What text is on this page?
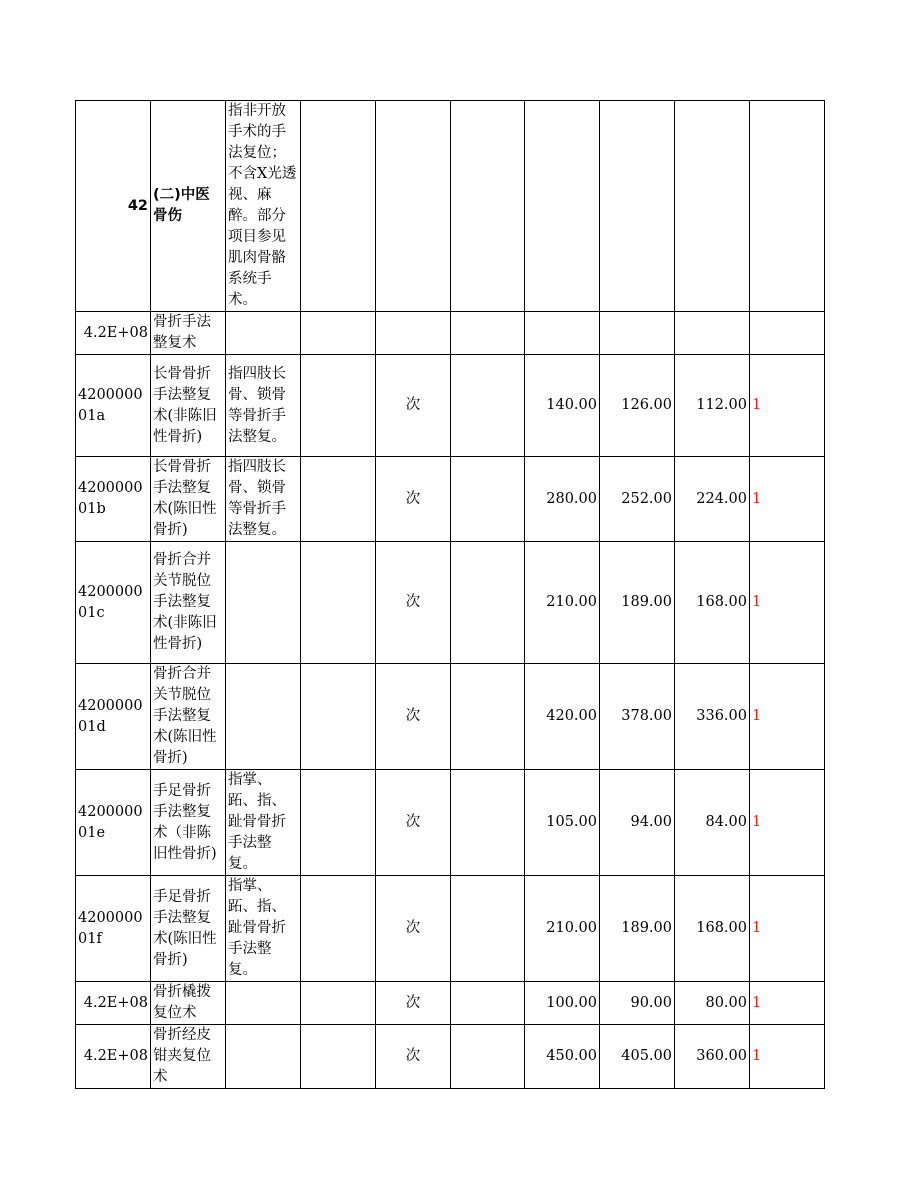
42	(二)中医骨伤	指非开放手术的手法复位；不含X光透视、麻醉。部分项目参见肌肉骨骼系统手术。							
4.2E+08	骨折手法整复术								
420000001a	长骨骨折手法整复术(非陈旧性骨折)	指四肢长骨、锁骨等骨折手法整复。		次		140.00	126.00	112.00	1
420000001b	长骨骨折手法整复术(陈旧性骨折)	指四肢长骨、锁骨等骨折手法整复。		次		280.00	252.00	224.00	1
420000001c	骨折合并关节脱位手法整复术(非陈旧性骨折)			次		210.00	189.00	168.00	1
420000001d	骨折合并关节脱位手法整复术(陈旧性骨折)			次		420.00	378.00	336.00	1
420000001e	手足骨折手法整复术（非陈旧性骨折)	指掌、跖、指、趾骨骨折手法整复。		次		105.00	94.00	84.00	1
420000001f	手足骨折手法整复术(陈旧性骨折)	指掌、跖、指、趾骨骨折手法整复。		次		210.00	189.00	168.00	1
4.2E+08	骨折橇拨复位术			次		100.00	90.00	80.00	1
4.2E+08	骨折经皮钳夹复位术			次		450.00	405.00	360.00	1
